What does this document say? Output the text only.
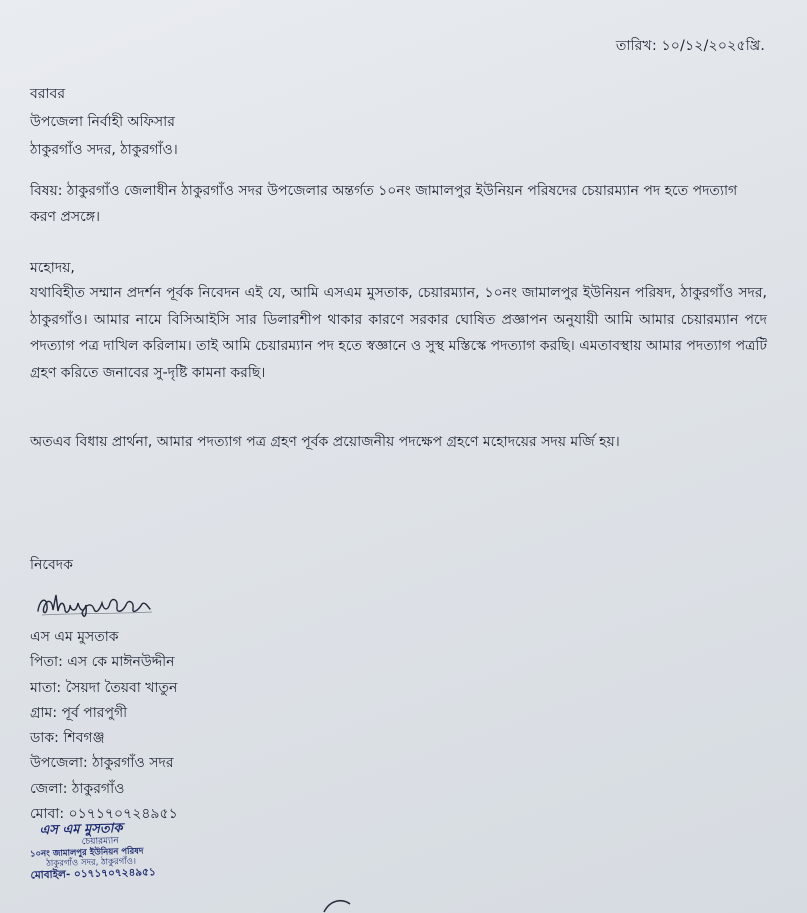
তারিখ: ১০/১২/২০২৫খ্রি.

বরাবর

উপজেলা নির্বাহী অফিসার

ঠাকুরগাঁও সদর, ঠাকুরগাঁও।

বিষয়: ঠাকুরগাঁও জেলাধীন ঠাকুরগাঁও সদর উপজেলার অন্তর্গত ১০নং জামালপুর ইউনিয়ন পরিষদের চেয়ারম্যান পদ হতে পদত্যাগ করণ প্রসঙ্গে।
মহোদয়,
যথাবিহীত সম্মান প্রদর্শন পূর্বক নিবেদন এই যে, আমি এসএম মুসতাক, চেয়ারম্যান, ১০নং জামালপুর ইউনিয়ন পরিষদ, ঠাকুরগাঁও সদর, ঠাকুরগাঁও। আমার নামে বিসিআইসি সার ডিলারশীপ থাকার কারণে সরকার ঘোষিত প্রজ্ঞাপন অনুযায়ী আমি আমার চেয়ারম্যান পদে পদত্যাগ পত্র দাখিল করিলাম। তাই আমি চেয়ারম্যান পদ হতে স্বজ্ঞানে ও সুস্থ মস্তিস্কে পদত্যাগ করছি। এমতাবস্থায় আমার পদত্যাগ পত্রটি গ্রহণ করিতে জনাবের সু-দৃষ্টি কামনা করছি।
অতএব বিধায় প্রার্থনা, আমার পদত্যাগ পত্র গ্রহণ পূর্বক প্রয়োজনীয় পদক্ষেপ গ্রহণে মহোদয়ের সদয় মর্জি হয়।
নিবেদক
এস এম মুসতাক
পিতা: এস কে মাঈনউদ্দীন
মাতা: সৈয়দা তৈয়বা খাতুন
গ্রাম: পূর্ব পারপুগী
ডাক: শিবগঞ্জ
উপজেলা: ঠাকুরগাঁও সদর
জেলা: ঠাকুরগাঁও
মোবা: ০১৭১৭০৭২৪৯৫১
এস এম মুসতাক
চেয়ারম্যান
১০নং জামালপুর ইউনিয়ন পরিষদ
ঠাকুরগাঁও সদর, ঠাকুরগাঁও।
মোবাইল- ০১৭১৭০৭২৪৯৫১
